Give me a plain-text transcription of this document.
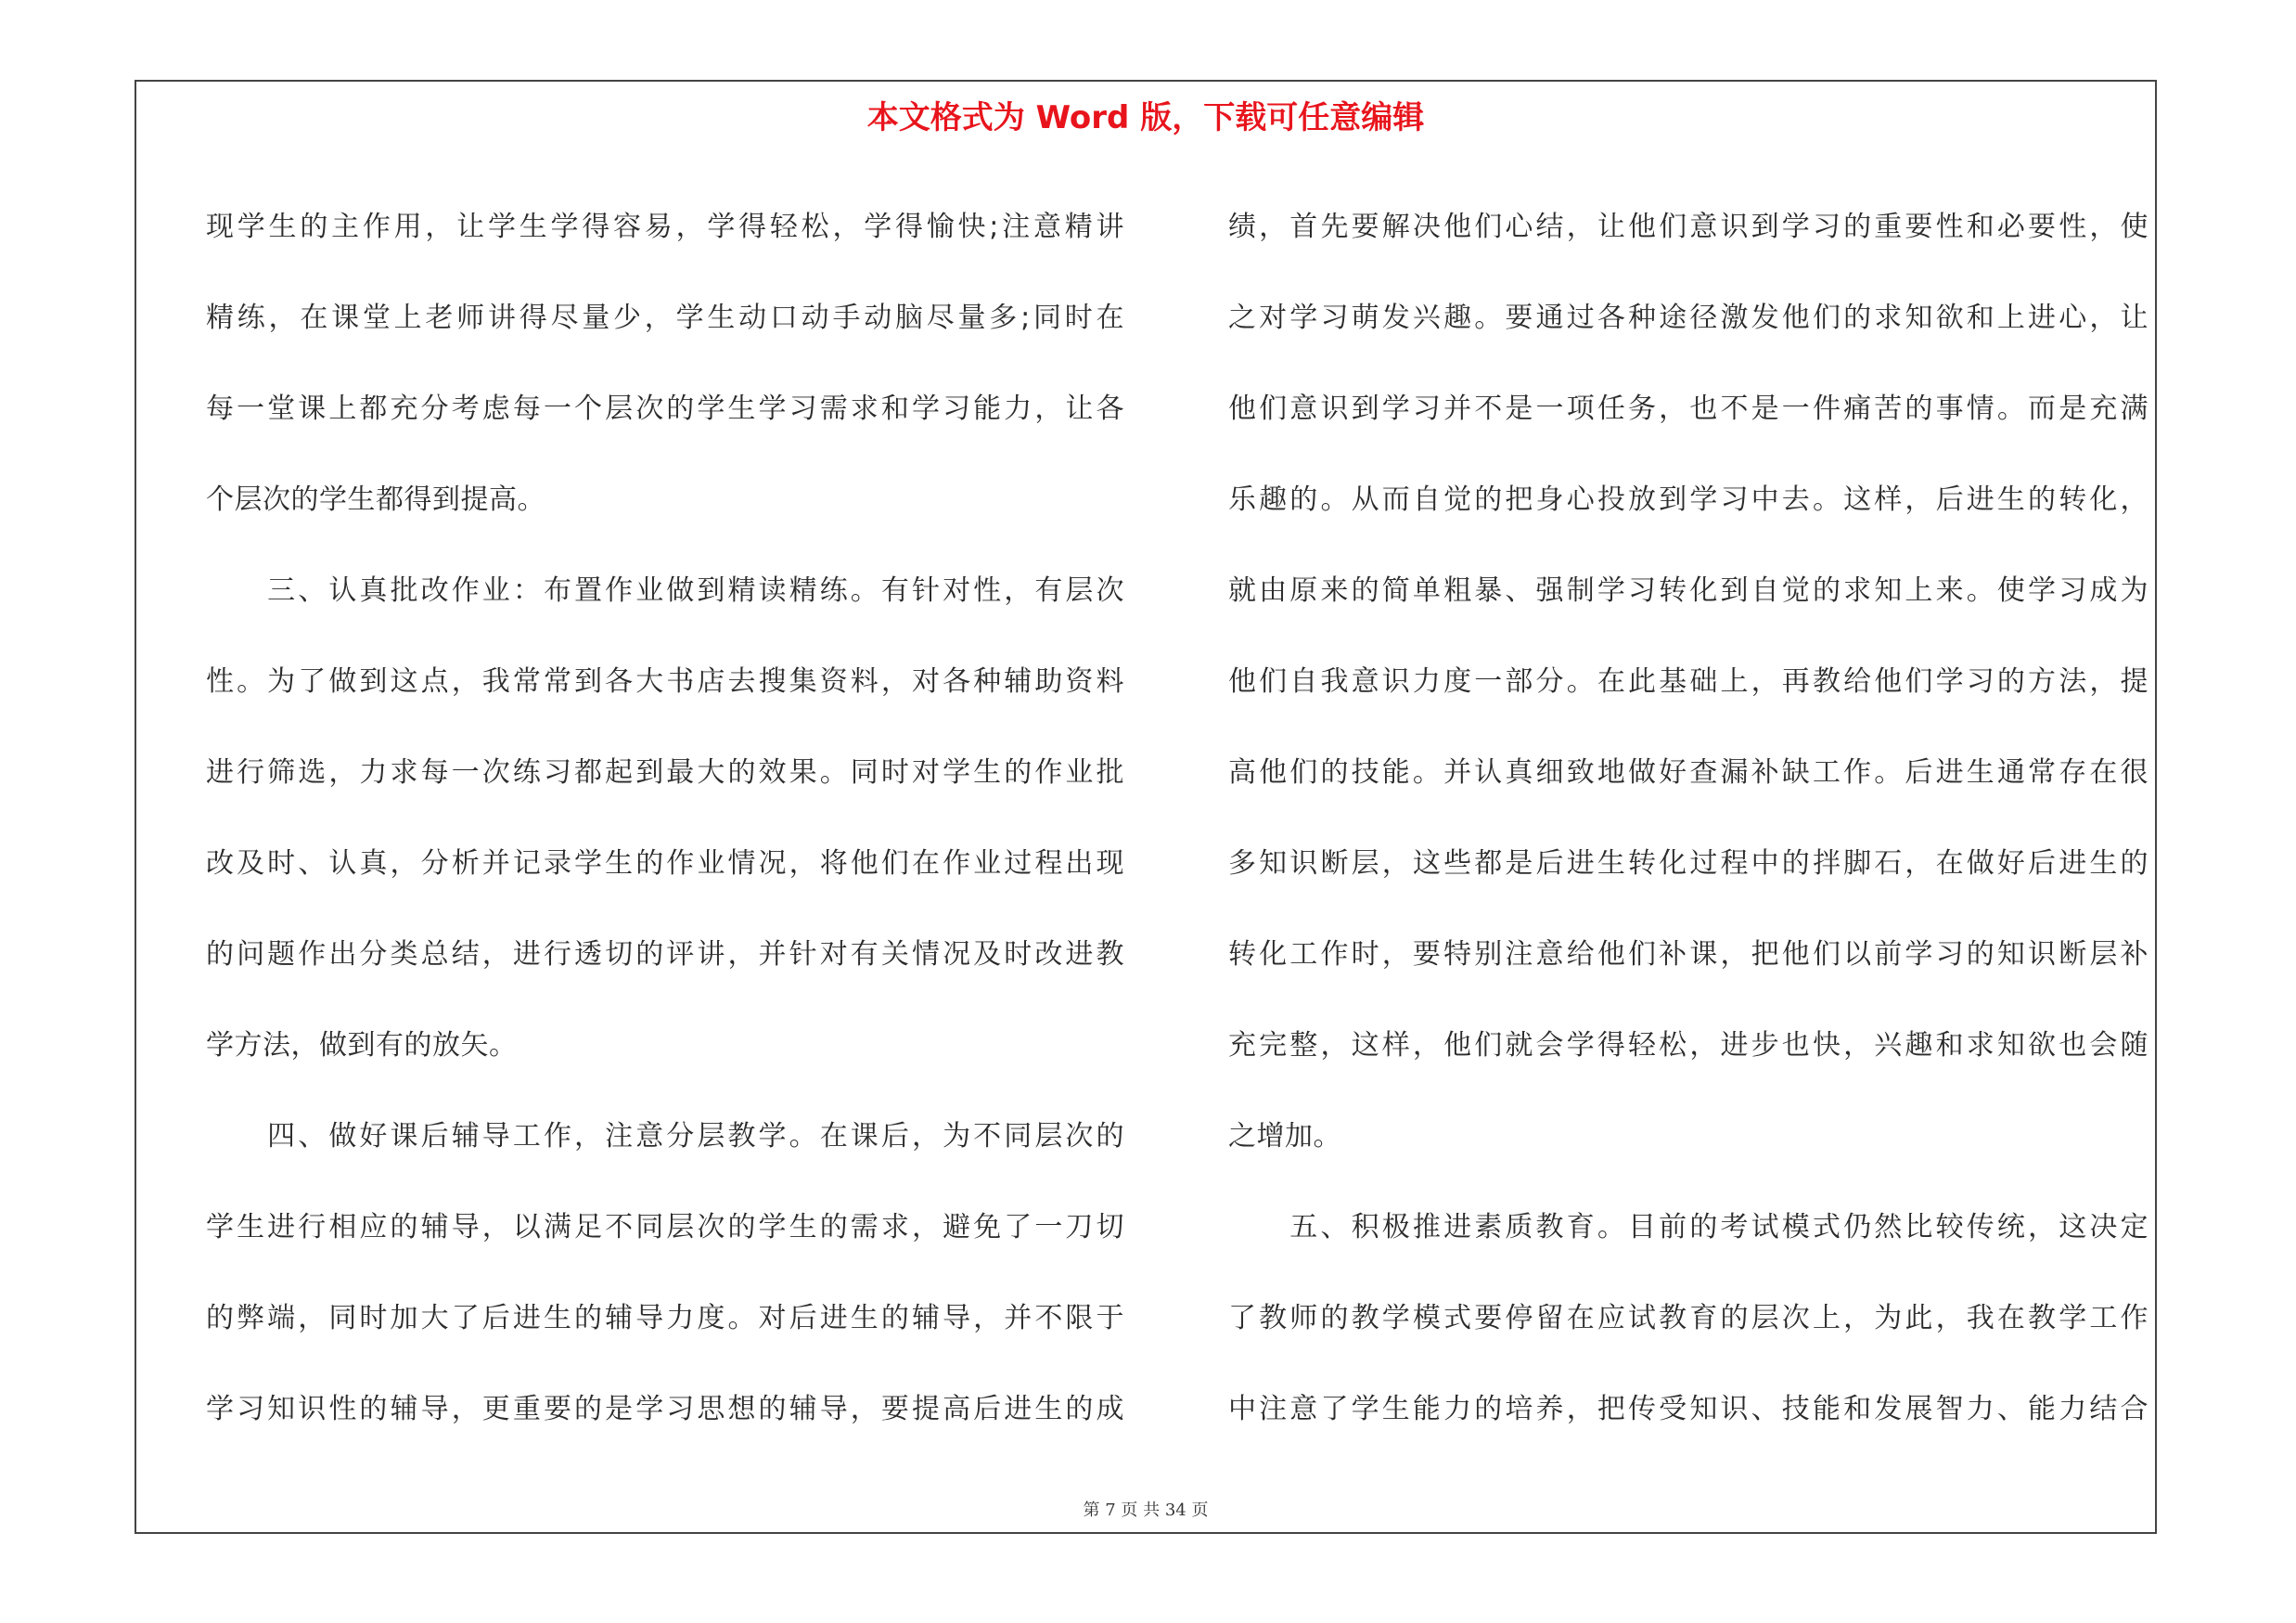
本文格式为 Word 版，下载可任意编辑
现学生的主作用，让学生学得容易，学得轻松，学得愉快;注意精讲
精练，在课堂上老师讲得尽量少，学生动口动手动脑尽量多;同时在
每一堂课上都充分考虑每一个层次的学生学习需求和学习能力，让各
个层次的学生都得到提高。
　　三、认真批改作业：布置作业做到精读精练。有针对性，有层次
性。为了做到这点，我常常到各大书店去搜集资料，对各种辅助资料
进行筛选，力求每一次练习都起到最大的效果。同时对学生的作业批
改及时、认真，分析并记录学生的作业情况，将他们在作业过程出现
的问题作出分类总结，进行透切的评讲，并针对有关情况及时改进教
学方法，做到有的放矢。
　　四、做好课后辅导工作，注意分层教学。在课后，为不同层次的
学生进行相应的辅导，以满足不同层次的学生的需求，避免了一刀切
的弊端，同时加大了后进生的辅导力度。对后进生的辅导，并不限于
学习知识性的辅导，更重要的是学习思想的辅导，要提高后进生的成
绩，首先要解决他们心结，让他们意识到学习的重要性和必要性，使
之对学习萌发兴趣。要通过各种途径激发他们的求知欲和上进心，让
他们意识到学习并不是一项任务，也不是一件痛苦的事情。而是充满
乐趣的。从而自觉的把身心投放到学习中去。这样，后进生的转化，
就由原来的简单粗暴、强制学习转化到自觉的求知上来。使学习成为
他们自我意识力度一部分。在此基础上，再教给他们学习的方法，提
高他们的技能。并认真细致地做好查漏补缺工作。后进生通常存在很
多知识断层，这些都是后进生转化过程中的拌脚石，在做好后进生的
转化工作时，要特别注意给他们补课，把他们以前学习的知识断层补
充完整，这样，他们就会学得轻松，进步也快，兴趣和求知欲也会随
之增加。
　　五、积极推进素质教育。目前的考试模式仍然比较传统，这决定
了教师的教学模式要停留在应试教育的层次上，为此，我在教学工作
中注意了学生能力的培养，把传受知识、技能和发展智力、能力结合
第 7 页 共 34 页
